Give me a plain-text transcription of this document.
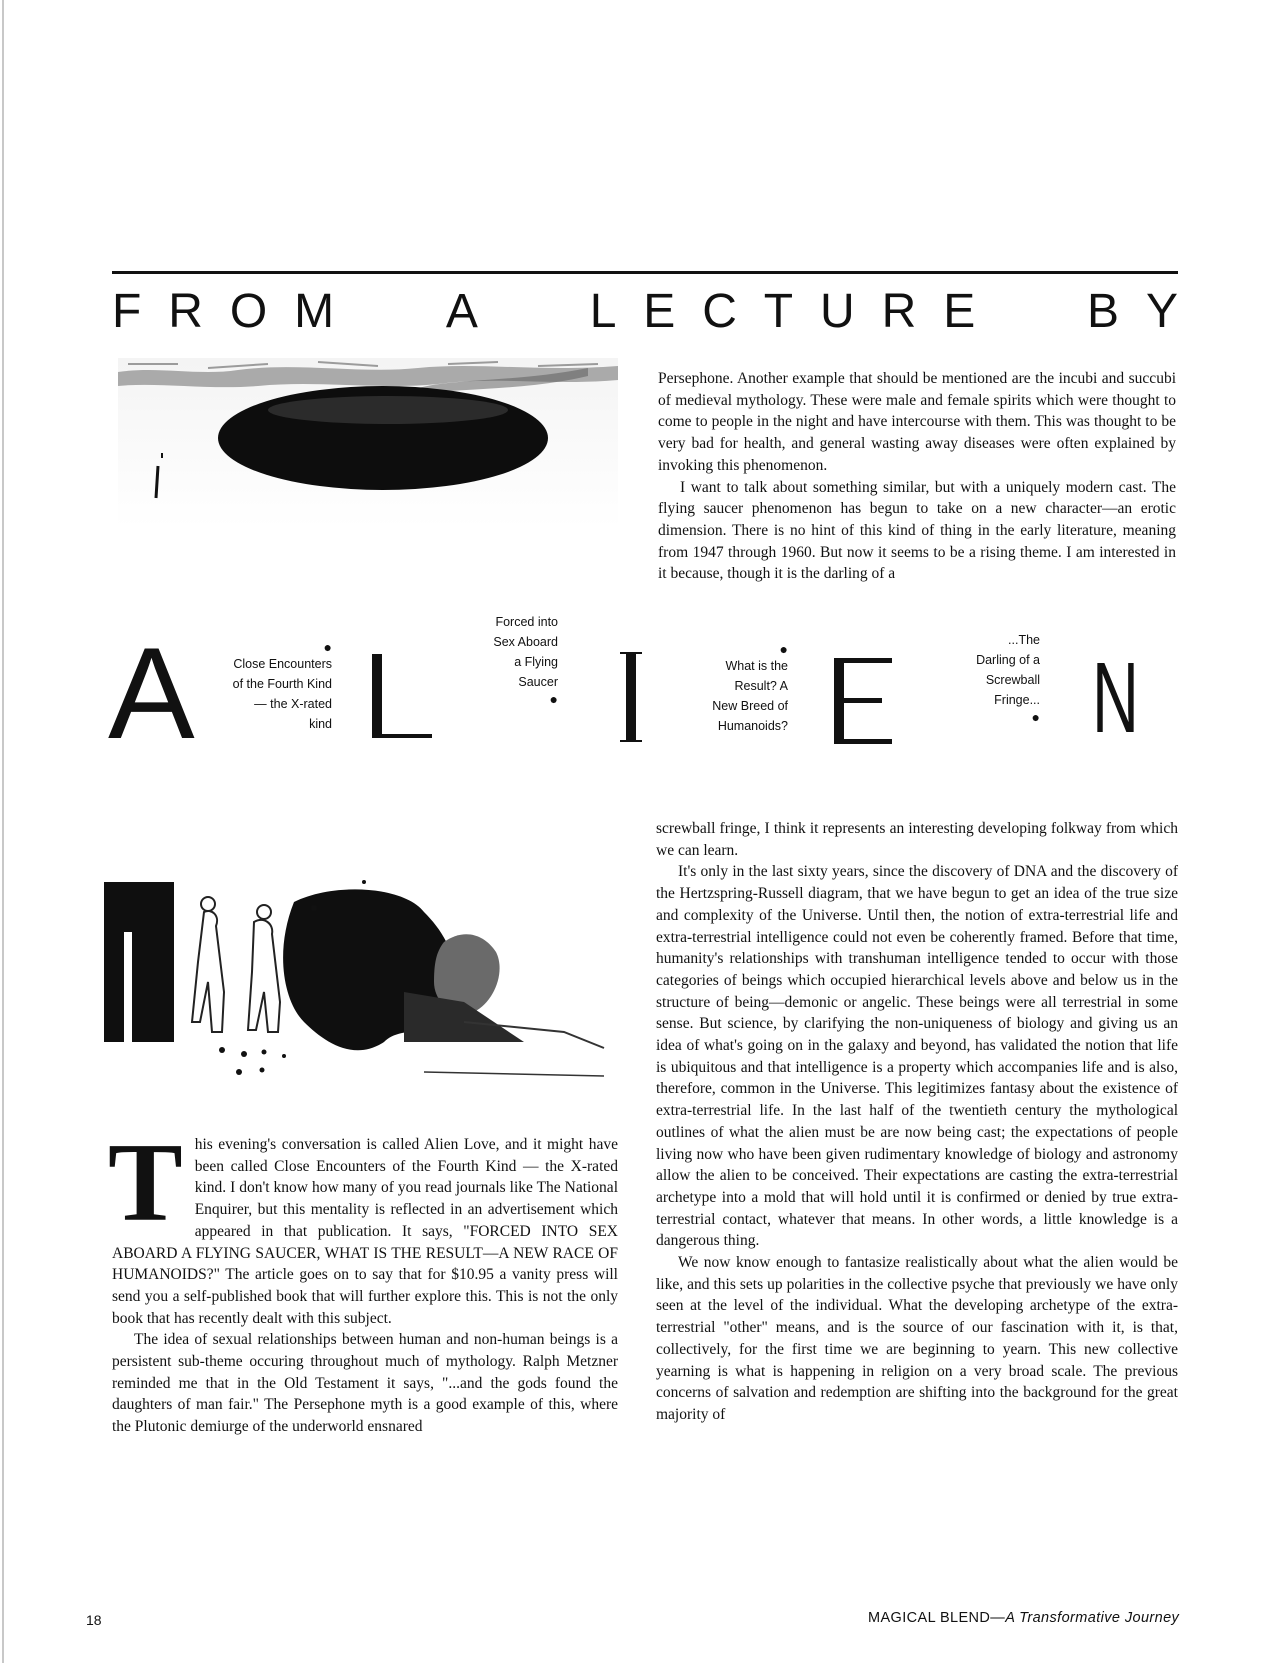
F R O M A L E C T U R E B Y

Persephone. Another example that should be mentioned are the incubi and succubi of medieval mythology. These were male and female spirits which were thought to come to people in the night and have intercourse with them. This was thought to be very bad for health, and general wasting away diseases were often explained by invoking this phenomenon.

I want to talk about something similar, but with a uniquely modern cast. The flying saucer phenomenon has begun to take on a new character—an erotic dimension. There is no hint of this kind of thing in the early literature, meaning from 1947 through 1960. But now it seems to be a rising theme. I am interested in it because, though it is the darling of a

A	N
●
Close Encounters
of the Fourth Kind
— the X-rated
kind
Forced into
Sex Aboard
a Flying
Saucer
●
●
What is the
Result? A
New Breed of
Humanoids?
...The
Darling of a
Screwball
Fringe...
●

screwball fringe, I think it represents an interesting developing folkway from which we can learn.

It's only in the last sixty years, since the discovery of DNA and the discovery of the Hertzspring-Russell diagram, that we have begun to get an idea of the true size and complexity of the Universe. Until then, the notion of extra-terrestrial life and extra-terrestrial intelligence could not even be coherently framed. Before that time, humanity's relationships with transhuman intelligence tended to occur with those categories of beings which occupied hierarchical levels above and below us in the structure of being—demonic or angelic. These beings were all terrestrial in some sense. But science, by clarifying the non-uniqueness of biology and giving us an idea of what's going on in the galaxy and beyond, has validated the notion that life is ubiquitous and that intelligence is a property which accompanies life and is also, therefore, common in the Universe. This legitimizes fantasy about the existence of extra-terrestrial life. In the last half of the twentieth century the mythological outlines of what the alien must be are now being cast; the expectations of people living now who have been given rudimentary knowledge of biology and astronomy allow the alien to be conceived. Their expectations are casting the extra-terrestrial archetype into a mold that will hold until it is confirmed or denied by true extra-terrestrial contact, whatever that means. In other words, a little knowledge is a dangerous thing.

We now know enough to fantasize realistically about what the alien would be like, and this sets up polarities in the collective psyche that previously we have only seen at the level of the individual. What the developing archetype of the extra-terrestrial "other" means, and is the source of our fascination with it, is that, collectively, for the first time we are beginning to yearn. This new collective yearning is what is happening in religion on a very broad scale. The previous concerns of salvation and redemption are shifting into the background for the great majority of

T his evening's conversation is called Alien Love, and it might have been called Close Encounters of the Fourth Kind — the X-rated kind. I don't know how many of you read journals like The National Enquirer, but this mentality is reflected in an advertisement which appeared in that publication. It says, "FORCED INTO SEX ABOARD A FLYING SAUCER, WHAT IS THE RESULT—A NEW RACE OF HUMANOIDS?" The article goes on to say that for $10.95 a vanity press will send you a self-published book that will further explore this. This is not the only book that has recently dealt with this subject.

The idea of sexual relationships between human and non-human beings is a persistent sub-theme occuring throughout much of mythology. Ralph Metzner reminded me that in the Old Testament it says, "...and the gods found the daughters of man fair." The Persephone myth is a good example of this, where the Plutonic demiurge of the underworld ensnared

18	MAGICAL BLEND—A Transformative Journey
